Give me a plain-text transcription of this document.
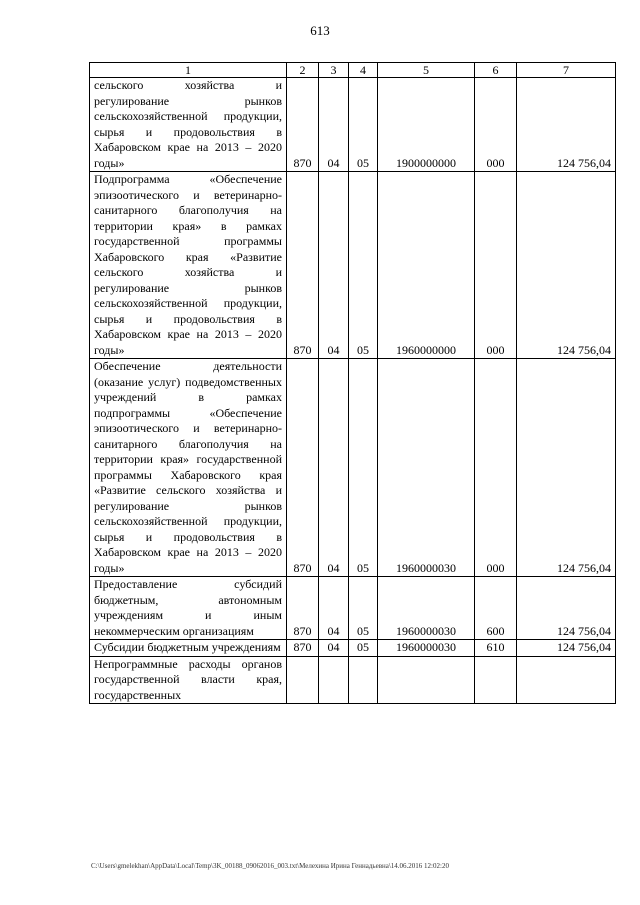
613
1	2	3	4	5	6	7
сельского хозяйства и регулирование рынков сельскохозяйственной продукции, сырья и продовольствия в Хабаровском крае на 2013 – 2020 годы»	870	04	05	1900000000	000	124 756,04
Подпрограмма «Обеспечение эпизоотического и ветеринарно-санитарного благополучия на территории края» в рамках государственной программы Хабаровского края «Развитие сельского хозяйства и регулирование рынков сельскохозяйственной продукции, сырья и продовольствия в Хабаровском крае на 2013 – 2020 годы»	870	04	05	1960000000	000	124 756,04
Обеспечение деятельности (оказание услуг) подведомственных учреждений в рамках подпрограммы «Обеспечение эпизоотического и ветеринарно-санитарного благополучия на территории края» государственной программы Хабаровского края «Развитие сельского хозяйства и регулирование рынков сельскохозяйственной продукции, сырья и продовольствия в Хабаровском крае на 2013 – 2020 годы»	870	04	05	1960000030	000	124 756,04
Предоставление субсидий бюджетным, автономным учреждениям и иным некоммерческим организациям	870	04	05	1960000030	600	124 756,04
Субсидии бюджетным учреждениям	870	04	05	1960000030	610	124 756,04
Непрограммные расходы органов государственной власти края, государственных						
C:\Users\gmelekhan\AppData\Local\Temp\3K_00188_09062016_003.txt\Мелехина Ирина Геннадьевна\14.06.2016 12:02:20
